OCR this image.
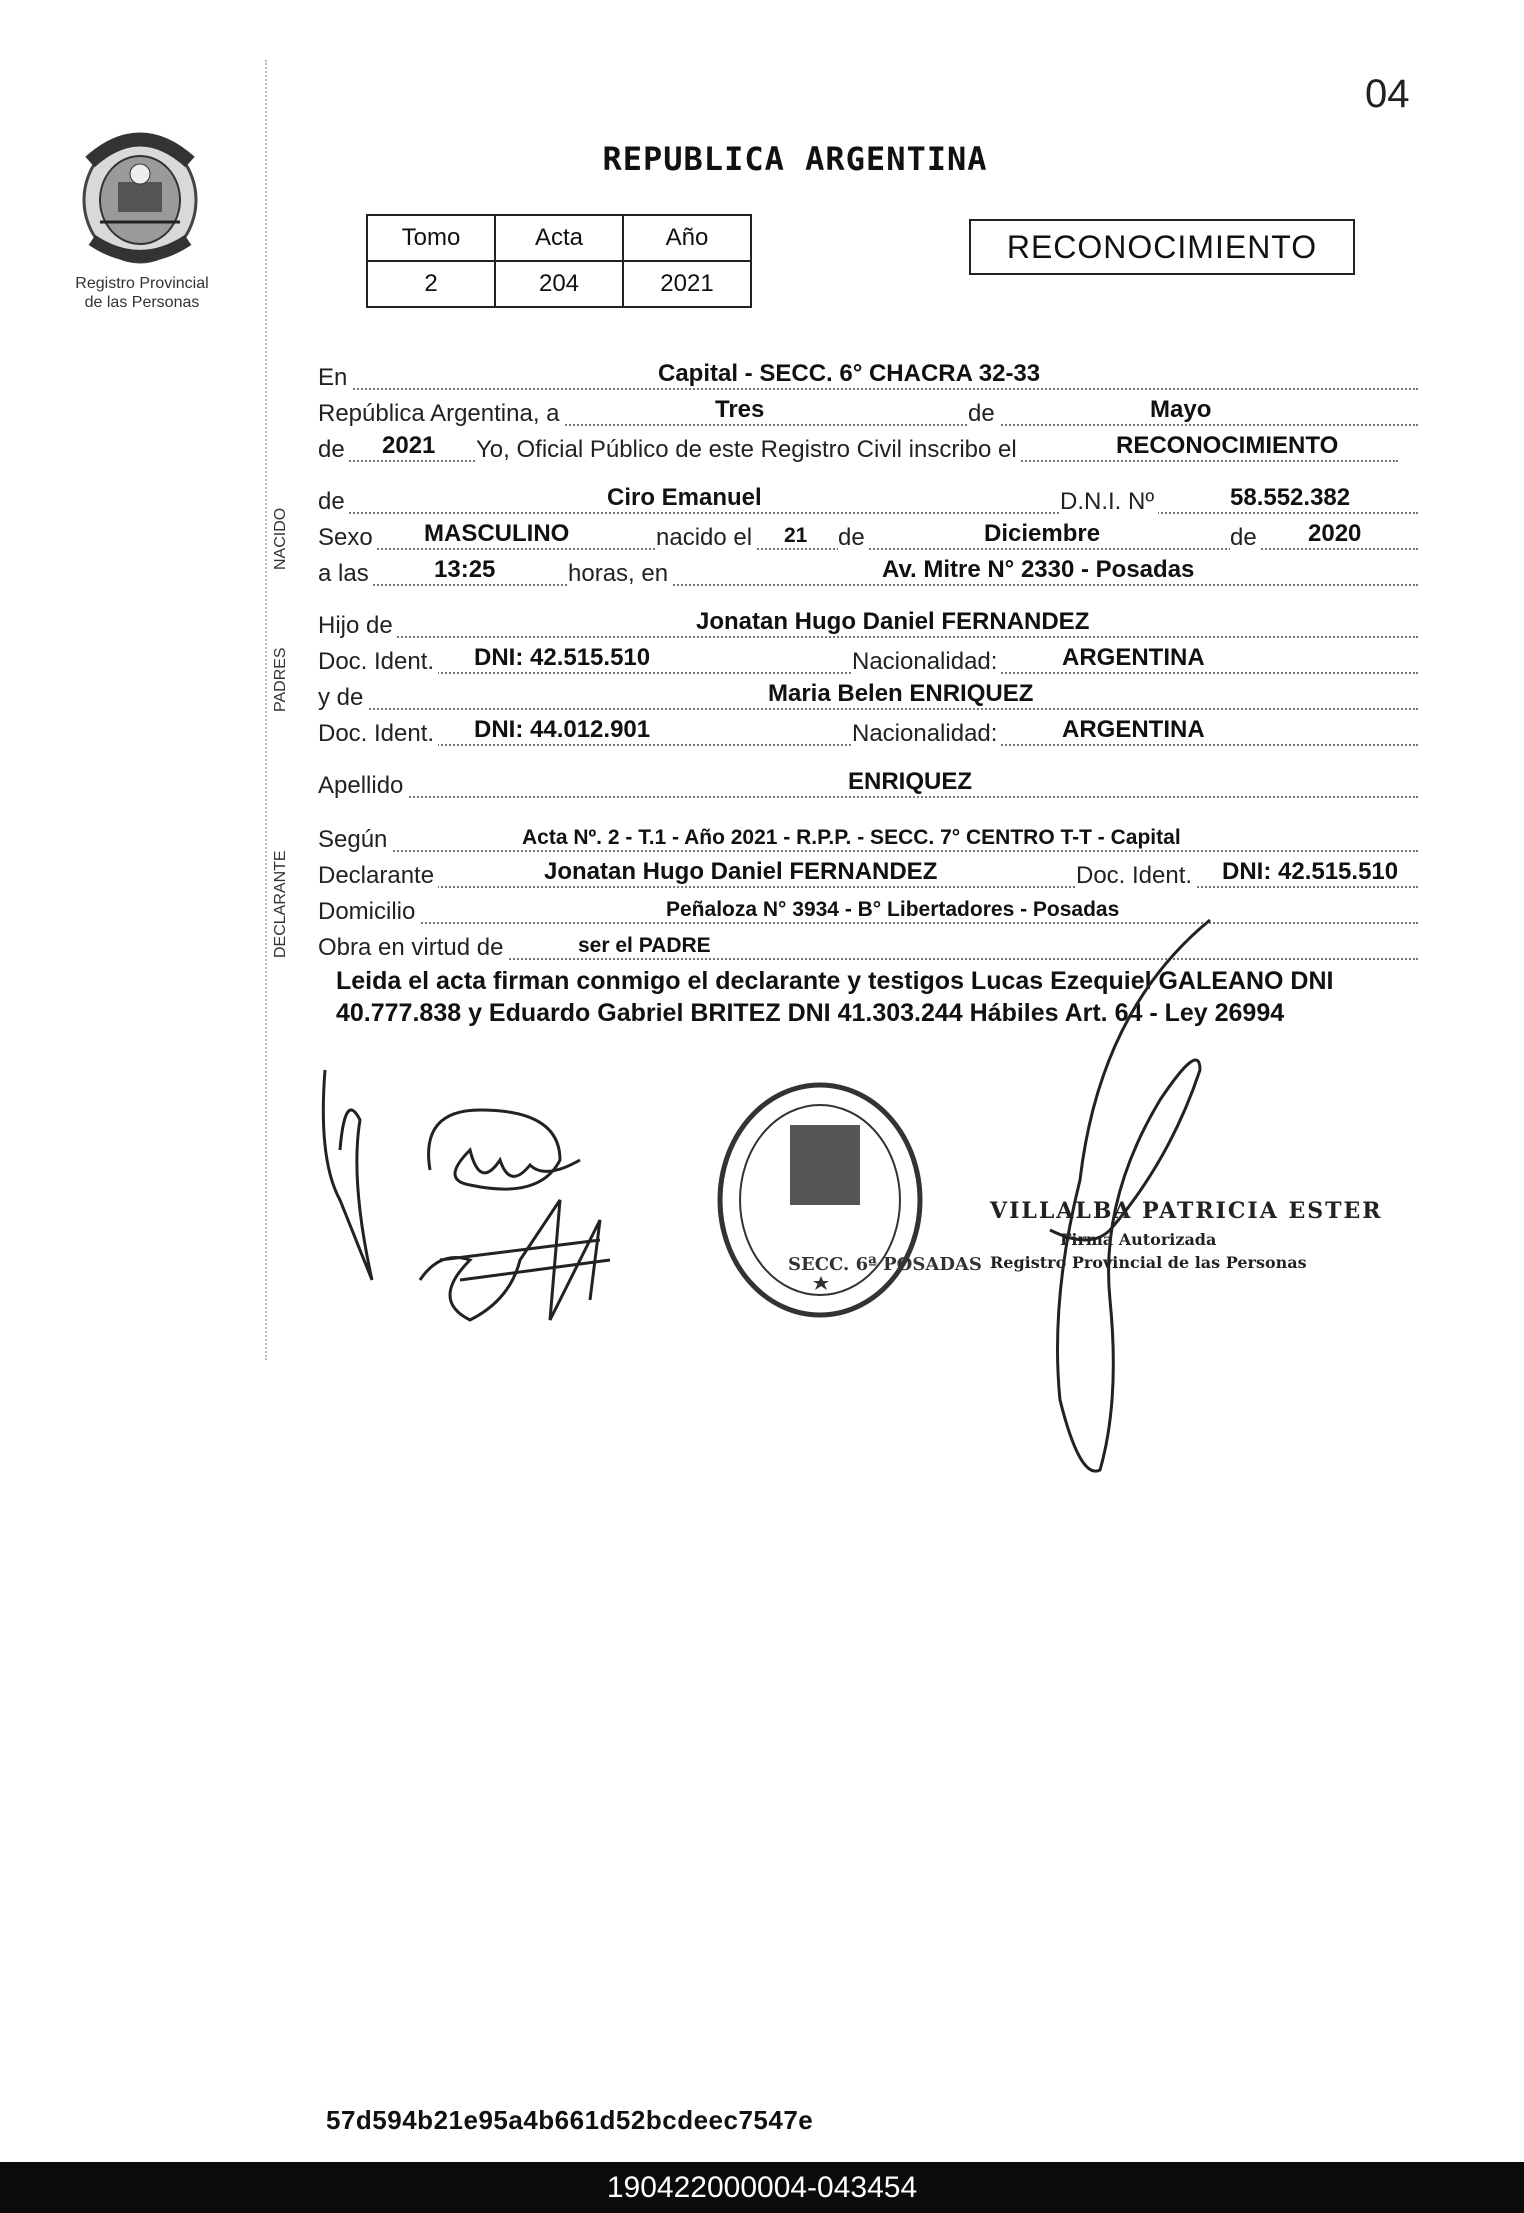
04
Registro Provincial
de las Personas
REPUBLICA ARGENTINA
Tomo	Acta	Año
2	204	2021
RECONOCIMIENTO
NACIDO
PADRES
DECLARANTE
En	Capital - SECC. 6° CHACRA 32-33
República Argentina, a	Tres	de	Mayo
de 2021 Yo, Oficial Público de este Registro Civil inscribo el	RECONOCIMIENTO
de	Ciro Emanuel	D.N.I. Nº	58.552.382
Sexo MASCULINO	nacido el 21 de	Diciembre	de 2020
a las	13:25	horas, en	Av. Mitre N° 2330 - Posadas
Hijo de	Jonatan Hugo Daniel FERNANDEZ
Doc. Ident. DNI: 42.515.510	Nacionalidad:	ARGENTINA
y de	Maria Belen ENRIQUEZ
Doc. Ident. DNI: 44.012.901	Nacionalidad:	ARGENTINA
Apellido	ENRIQUEZ
Según	Acta Nº. 2 - T.1 - Año 2021 - R.P.P. - SECC. 7° CENTRO T-T - Capital
Declarante	Jonatan Hugo Daniel FERNANDEZ	Doc. Ident. DNI: 42.515.510
Domicilio	Peñaloza N° 3934 - B° Libertadores - Posadas
Obra en virtud de	ser el PADRE
Leida el acta firman conmigo el declarante y testigos Lucas Ezequiel GALEANO DNI 40.777.838 y Eduardo Gabriel BRITEZ DNI 41.303.244 Hábiles Art. 64 - Ley 26994
SECC. 6ª POSADAS
VILLALBA PATRICIA ESTER
Firma Autorizada
Registro Provincial de las Personas
57d594b21e95a4b661d52bcdeec7547e
190422000004-043454
